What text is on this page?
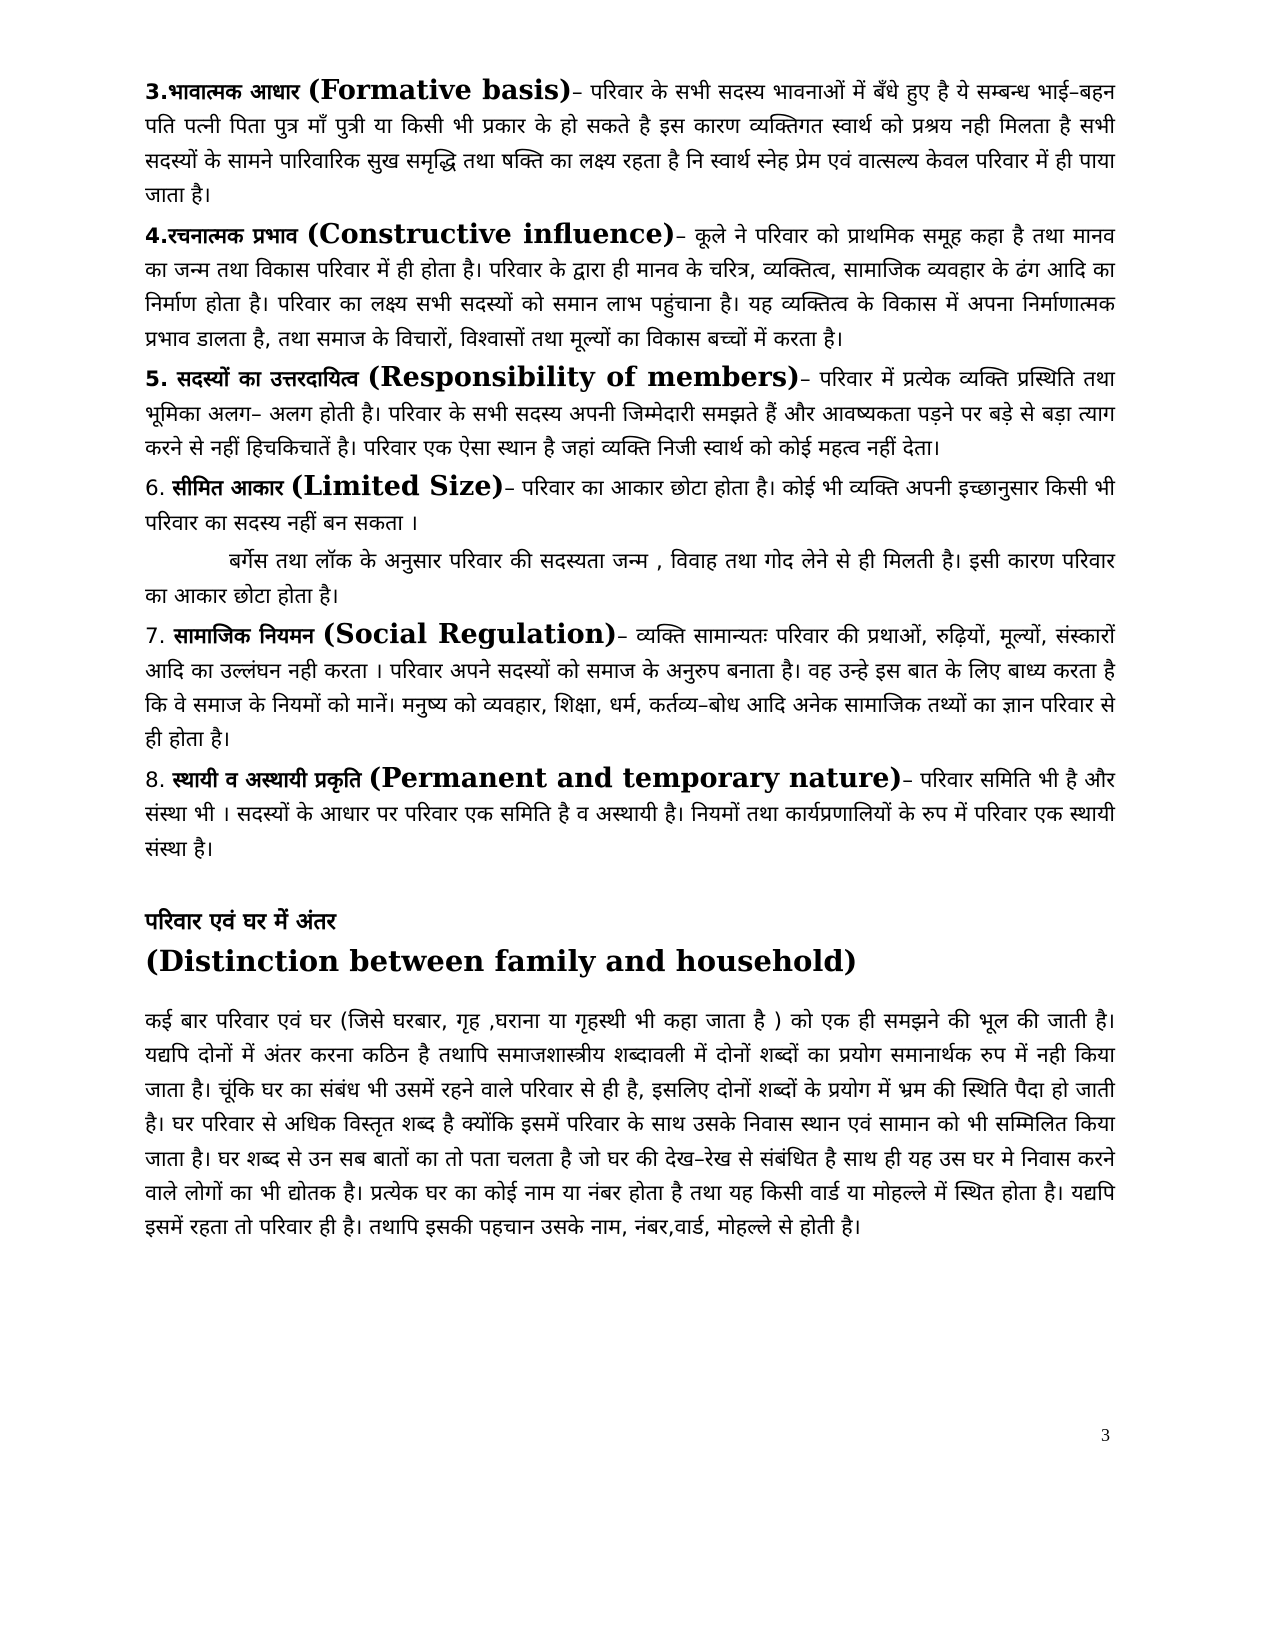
3.भावात्मक आधार (Formative basis)– परिवार के सभी सदस्य भावनाओं में बँधे हुए है ये सम्बन्ध भाई–बहन पति पत्नी पिता पुत्र माँ पुत्री या किसी भी प्रकार के हो सकते है इस कारण व्यक्तिगत स्वार्थ को प्रश्रय नही मिलता है सभी सदस्यों के सामने पारिवारिक सुख समृद्धि तथा षक्ति का लक्ष्य रहता है नि स्वार्थ स्नेह प्रेम एवं वात्सल्य केवल परिवार में ही पाया जाता है।

4.रचनात्मक प्रभाव (Constructive influence)– कूले ने परिवार को प्राथमिक समूह कहा है तथा मानव का जन्म तथा विकास परिवार में ही होता है। परिवार के द्वारा ही मानव के चरित्र, व्यक्तित्व, सामाजिक व्यवहार के ढंग आदि का निर्माण होता है। परिवार का लक्ष्य सभी सदस्यों को समान लाभ पहुंचाना है। यह व्यक्तित्व के विकास में अपना निर्माणात्मक प्रभाव डालता है, तथा समाज के विचारों, विश्वासों तथा मूल्यों का विकास बच्चों में करता है।

5. सदस्यों का उत्तरदायित्व (Responsibility of members)– परिवार में प्रत्येक व्यक्ति प्रस्थिति तथा भूमिका अलग– अलग होती है। परिवार के सभी सदस्य अपनी जिम्मेदारी समझते हैं और आवष्यकता पड़ने पर बड़े से बड़ा त्याग करने से नहीं हिचकिचातें है। परिवार एक ऐसा स्थान है जहां व्यक्ति निजी स्वार्थ को कोई महत्व नहीं देता।

6. सीमित आकार (Limited Size)– परिवार का आकार छोटा होता है। कोई भी व्यक्ति अपनी इच्छानुसार किसी भी परिवार का सदस्य नहीं बन सकता ।

बर्गेस तथा लॉक के अनुसार परिवार की सदस्यता जन्म , विवाह तथा गोद लेने से ही मिलती है। इसी कारण परिवार का आकार छोटा होता है।

7. सामाजिक नियमन (Social Regulation)– व्यक्ति सामान्यतः परिवार की प्रथाओं, रुढ़ियों, मूल्यों, संस्कारों आदि का उल्लंघन नही करता । परिवार अपने सदस्यों को समाज के अनुरुप बनाता है। वह उन्हे इस बात के लिए बाध्य करता है कि वे समाज के नियमों को मानें। मनुष्य को व्यवहार, शिक्षा, धर्म, कर्तव्य–बोध आदि अनेक सामाजिक तथ्यों का ज्ञान परिवार से ही होता है।

8. स्थायी व अस्थायी प्रकृति (Permanent and temporary nature)– परिवार समिति भी है और संस्था भी । सदस्यों के आधार पर परिवार एक समिति है व अस्थायी है। नियमों तथा कार्यप्रणालियों के रुप में परिवार एक स्थायी संस्था है।

परिवार एवं घर में अंतर
(Distinction between family and household)

कई बार परिवार एवं घर (जिसे घरबार, गृह ,घराना या गृहस्थी भी कहा जाता है ) को एक ही समझने की भूल की जाती है। यद्यपि दोनों में अंतर करना कठिन है तथापि समाजशास्त्रीय शब्दावली में दोनों शब्दों का प्रयोग समानार्थक रुप में नही किया जाता है। चूंकि घर का संबंध भी उसमें रहने वाले परिवार से ही है, इसलिए दोनों शब्दों के प्रयोग में भ्रम की स्थिति पैदा हो जाती है। घर परिवार से अधिक विस्तृत शब्द है क्योंकि इसमें परिवार के साथ उसके निवास स्थान एवं सामान को भी सम्मिलित किया जाता है। घर शब्द से उन सब बातों का तो पता चलता है जो घर की देख–रेख से संबंधित है साथ ही यह उस घर मे निवास करने वाले लोगों का भी द्योतक है। प्रत्येक घर का कोई नाम या नंबर होता है तथा यह किसी वार्ड या मोहल्ले में स्थित होता है। यद्यपि इसमें रहता तो परिवार ही है। तथापि इसकी पहचान उसके नाम, नंबर,वार्ड, मोहल्ले से होती है।

3
